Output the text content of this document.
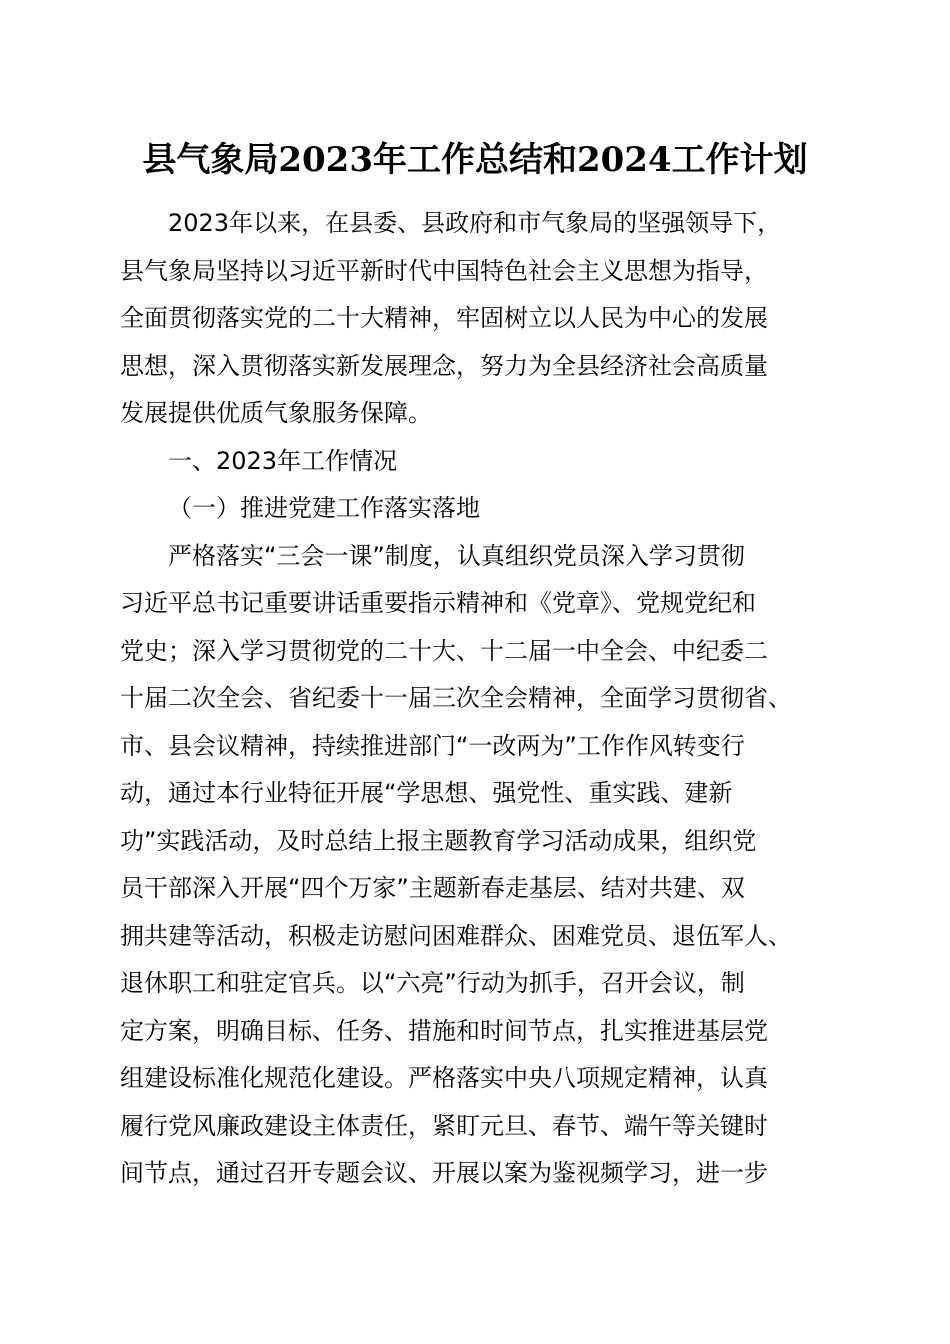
县气象局2023年工作总结和2024工作计划
　　2023年以来，在县委、县政府和市气象局的坚强领导下，
县气象局坚持以习近平新时代中国特色社会主义思想为指导，
全面贯彻落实党的二十大精神，牢固树立以人民为中心的发展
思想，深入贯彻落实新发展理念，努力为全县经济社会高质量
发展提供优质气象服务保障。
一、2023年工作情况
（一）推进党建工作落实落地
　　严格落实“三会一课”制度，认真组织党员深入学习贯彻
习近平总书记重要讲话重要指示精神和《党章》、党规党纪和
党史；深入学习贯彻党的二十大、十二届一中全会、中纪委二
十届二次全会、省纪委十一届三次全会精神，全面学习贯彻省、
市、县会议精神，持续推进部门“一改两为”工作作风转变行
动，通过本行业特征开展“学思想、强党性、重实践、建新
功”实践活动，及时总结上报主题教育学习活动成果，组织党
员干部深入开展“四个万家”主题新春走基层、结对共建、双
拥共建等活动，积极走访慰问困难群众、困难党员、退伍军人、
退休职工和驻定官兵。以“六亮”行动为抓手，召开会议，制
定方案，明确目标、任务、措施和时间节点，扎实推进基层党
组建设标准化规范化建设。严格落实中央八项规定精神，认真
履行党风廉政建设主体责任，紧盯元旦、春节、端午等关键时
间节点，通过召开专题会议、开展以案为鉴视频学习，进一步
